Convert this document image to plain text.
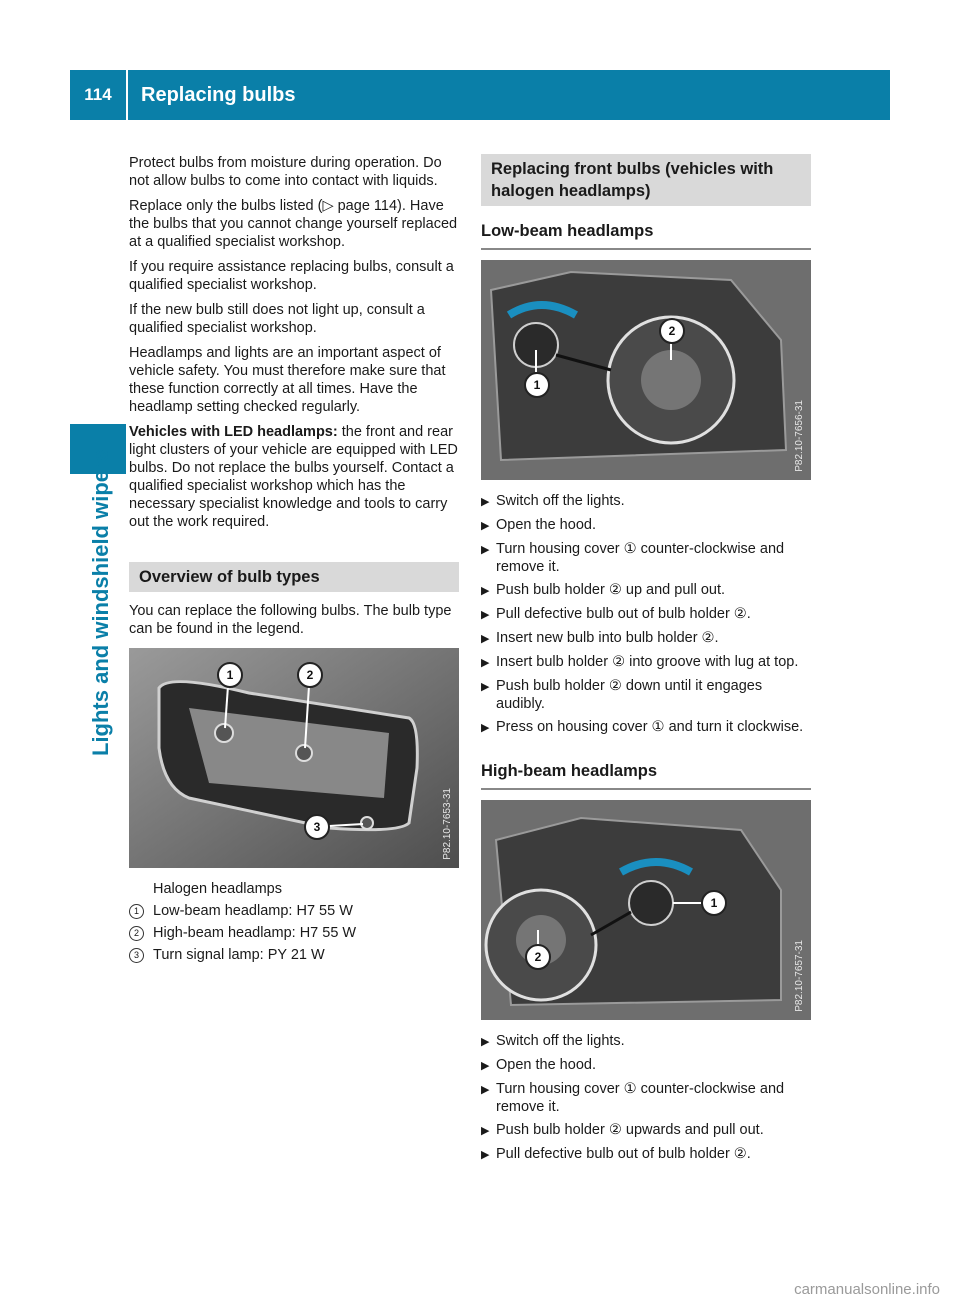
114	Replacing bulbs
Lights and windshield wipers

Protect bulbs from moisture during operation. Do not allow bulbs to come into contact with liquids.

Replace only the bulbs listed (▷ page 114). Have the bulbs that you cannot change yourself replaced at a qualified specialist workshop.

If you require assistance replacing bulbs, consult a qualified specialist workshop.

If the new bulb still does not light up, consult a qualified specialist workshop.

Headlamps and lights are an important aspect of vehicle safety. You must therefore make sure that these function correctly at all times. Have the headlamp setting checked regularly.

Vehicles with LED headlamps: the front and rear light clusters of your vehicle are equipped with LED bulbs. Do not replace the bulbs yourself. Contact a qualified specialist workshop which has the necessary specialist knowledge and tools to carry out the work required.

Overview of bulb types

You can replace the following bulbs. The bulb type can be found in the legend.

1	2
3	P82.10-7653-31
Halogen headlamps
1 Low-beam headlamp: H7 55 W
2 High-beam headlamp: H7 55 W
3 Turn signal lamp: PY 21 W
Replacing front bulbs (vehicles with halogen headlamps)
Low-beam headlamps
1
2
P82.10-7656-31
▶ Switch off the lights.
▶ Open the hood.
▶ Turn housing cover ① counter-clockwise and remove it.
▶ Push bulb holder ② up and pull out.
▶ Pull defective bulb out of bulb holder ②.
▶ Insert new bulb into bulb holder ②.
▶ Insert bulb holder ② into groove with lug at top.
▶ Push bulb holder ② down until it engages audibly.
▶ Press on housing cover ① and turn it clockwise.
High-beam headlamps
1
2	P82.10-7657-31
▶ Switch off the lights.
▶ Open the hood.
▶ Turn housing cover ① counter-clockwise and remove it.
▶ Push bulb holder ② upwards and pull out.
▶ Pull defective bulb out of bulb holder ②.
carmanualsonline.info
